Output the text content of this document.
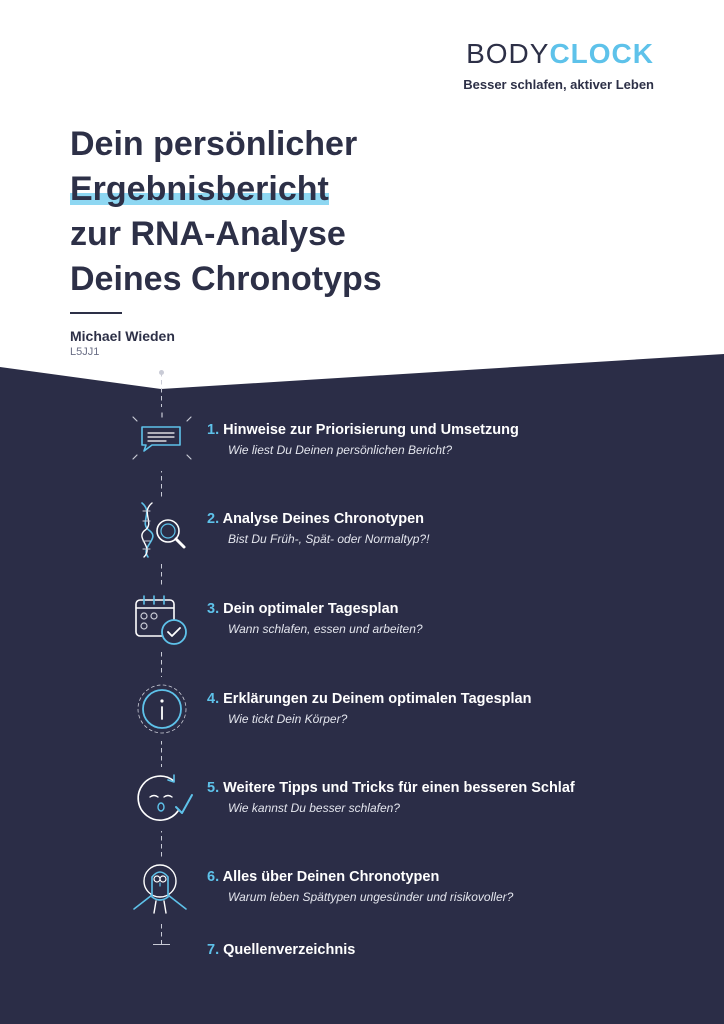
BODYCLOCK
Besser schlafen, aktiver Leben
Dein persönlicher
Ergebnisbericht
zur RNA-Analyse
Deines Chronotyps
Michael Wieden
L5JJ1
1. Hinweise zur Priorisierung und Umsetzung
Wie liest Du Deinen persönlichen Bericht?
2. Analyse Deines Chronotypen
Bist Du Früh-, Spät- oder Normaltyp?!
3. Dein optimaler Tagesplan
Wann schlafen, essen und arbeiten?
4. Erklärungen zu Deinem optimalen Tagesplan
Wie tickt Dein Körper?
5. Weitere Tipps und Tricks für einen besseren Schlaf
Wie kannst Du besser schlafen?
6. Alles über Deinen Chronotypen
Warum leben Spättypen ungesünder und risikovoller?
7. Quellenverzeichnis
